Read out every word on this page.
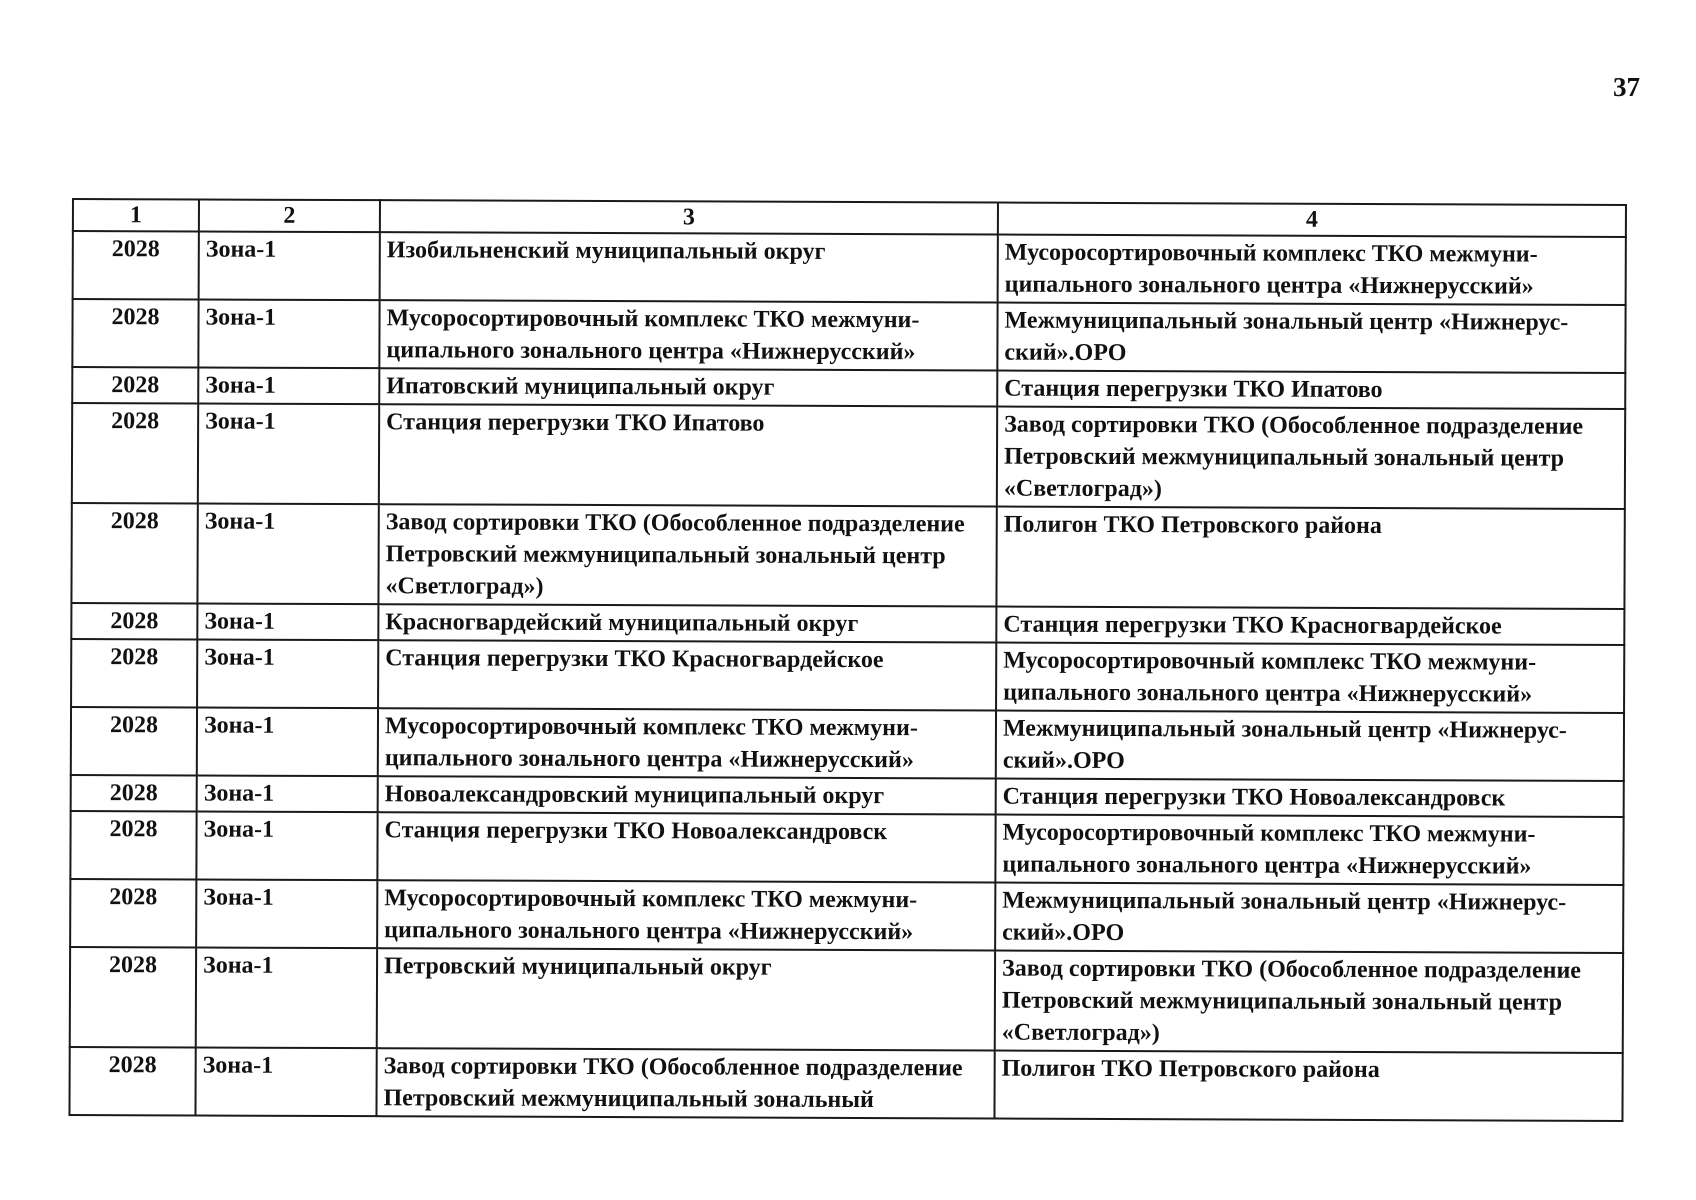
37
1	2	3	4
2028	Зона-1	Изобильненский муниципальный округ	Мусоросортировочный комплекс ТКО межмуниципального зонального центра «Нижнерусский»
2028	Зона-1	Мусоросортировочный комплекс ТКО межмуниципального зонального центра «Нижнерусский»	Межмуниципальный зональный центр «Нижнерусский».ОРО
2028	Зона-1	Ипатовский муниципальный округ	Станция перегрузки ТКО Ипатово
2028	Зона-1	Станция перегрузки ТКО Ипатово	Завод сортировки ТКО (Обособленное подразделение Петровский межмуниципальный зональный центр «Светлоград»)
2028	Зона-1	Завод сортировки ТКО (Обособленное подразделение Петровский межмуниципальный зональный центр «Светлоград»)	Полигон ТКО Петровского района
2028	Зона-1	Красногвардейский муниципальный округ	Станция перегрузки ТКО Красногвардейское
2028	Зона-1	Станция перегрузки ТКО Красногвардейское	Мусоросортировочный комплекс ТКО межмуниципального зонального центра «Нижнерусский»
2028	Зона-1	Мусоросортировочный комплекс ТКО межмуниципального зонального центра «Нижнерусский»	Межмуниципальный зональный центр «Нижнерусский».ОРО
2028	Зона-1	Новоалександровский муниципальный округ	Станция перегрузки ТКО Новоалександровск
2028	Зона-1	Станция перегрузки ТКО Новоалександровск	Мусоросортировочный комплекс ТКО межмуниципального зонального центра «Нижнерусский»
2028	Зона-1	Мусоросортировочный комплекс ТКО межмуниципального зонального центра «Нижнерусский»	Межмуниципальный зональный центр «Нижнерусский».ОРО
2028	Зона-1	Петровский муниципальный округ	Завод сортировки ТКО (Обособленное подразделение Петровский межмуниципальный зональный центр «Светлоград»)
2028	Зона-1	Завод сортировки ТКО (Обособленное подразделение Петровский межмуниципальный зональный	Полигон ТКО Петровского района
